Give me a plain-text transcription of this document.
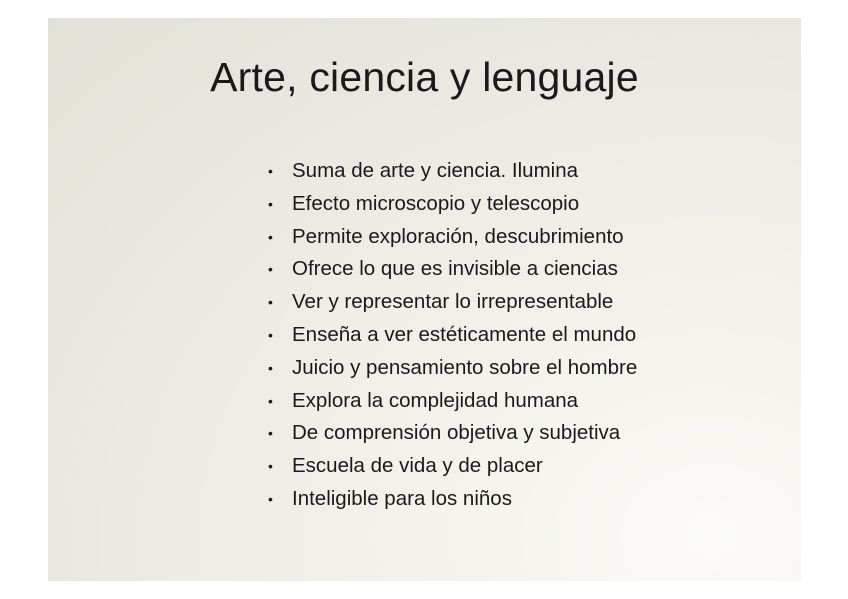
Arte, ciencia y lenguaje
• Suma de arte y ciencia. Ilumina
• Efecto microscopio y telescopio
• Permite exploración, descubrimiento
• Ofrece lo que es invisible a ciencias
• Ver y representar lo irrepresentable
• Enseña a ver estéticamente el mundo
• Juicio y pensamiento sobre el hombre
• Explora la complejidad humana
• De comprensión objetiva y subjetiva
• Escuela de vida y de placer
• Inteligible para los niños
